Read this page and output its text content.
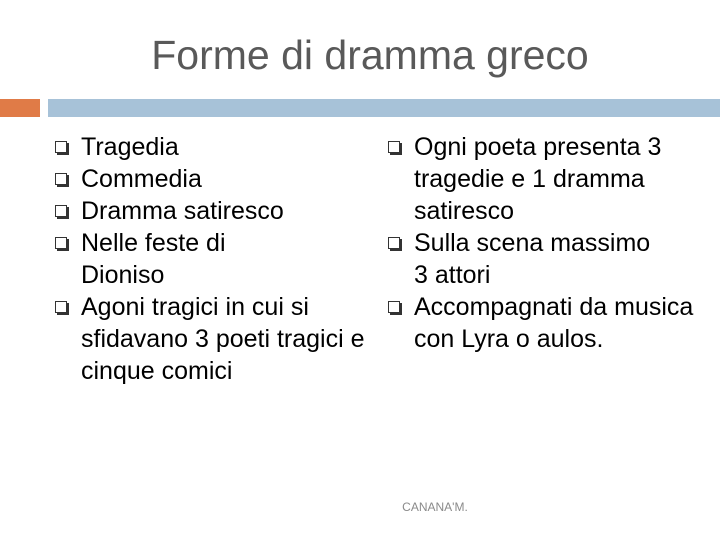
Forme di dramma greco
Tragedia
Commedia
Dramma satiresco
Nelle feste di Dioniso
Agoni tragici in cui si sfidavano 3 poeti tragici e cinque comici
Ogni poeta presenta 3 tragedie e 1 dramma satiresco
Sulla scena massimo 3 attori
Accompagnati da musica con Lyra o aulos.
CANANA'M.
